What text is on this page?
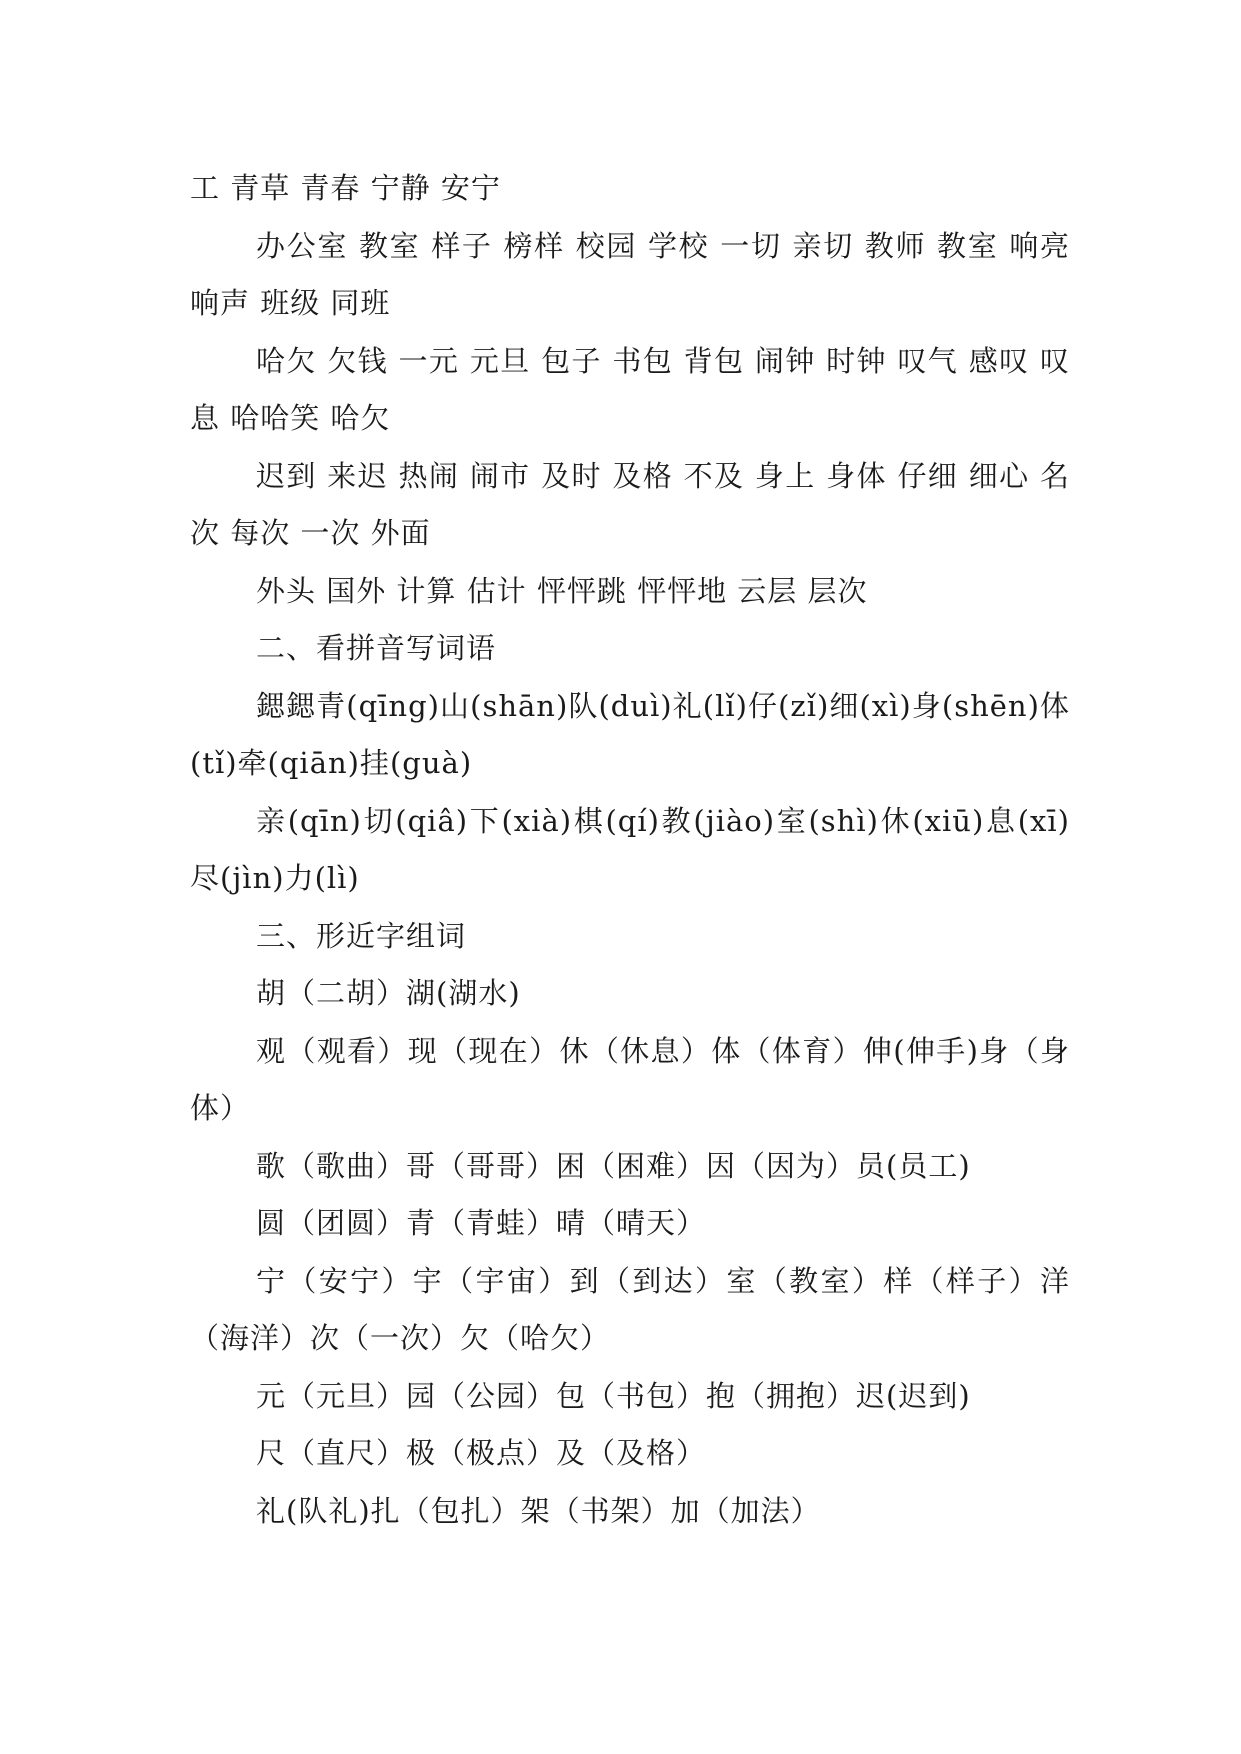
工 青草 青春 宁静 安宁

办公室 教室 样子 榜样 校园 学校 一切 亲切 教师 教室 响亮 响声 班级 同班

哈欠 欠钱 一元 元旦 包子 书包 背包 闹钟 时钟 叹气 感叹 叹息 哈哈笑 哈欠

迟到 来迟 热闹 闹市 及时 及格 不及 身上 身体 仔细 细心 名次 每次 一次 外面

外头 国外 计算 估计 怦怦跳 怦怦地 云层 层次

二、看拼音写词语

鍶鍶青(qīng)山(shān)队(duì)礼(lǐ)仔(zǐ)细(xì)身(shēn)体(tǐ)牵(qiān)挂(guà)

亲(qīn)切(qiâ)下(xià)棋(qí)教(jiào)室(shì)休(xiū)息(xī)尽(jìn)力(lì)

三、形近字组词

胡（二胡）湖(湖水)

观（观看）现（现在）休（休息）体（体育）伸(伸手)身（身体）

歌（歌曲）哥（哥哥）困（困难）因（因为）员(员工)

圆（团圆）青（青蛙）晴（晴天）

宁（安宁）宇（宇宙）到（到达）室（教室）样（样子）洋（海洋）次（一次）欠（哈欠）

元（元旦）园（公园）包（书包）抱（拥抱）迟(迟到)

尺（直尺）极（极点）及（及格）

礼(队礼)扎（包扎）架（书架）加（加法）
